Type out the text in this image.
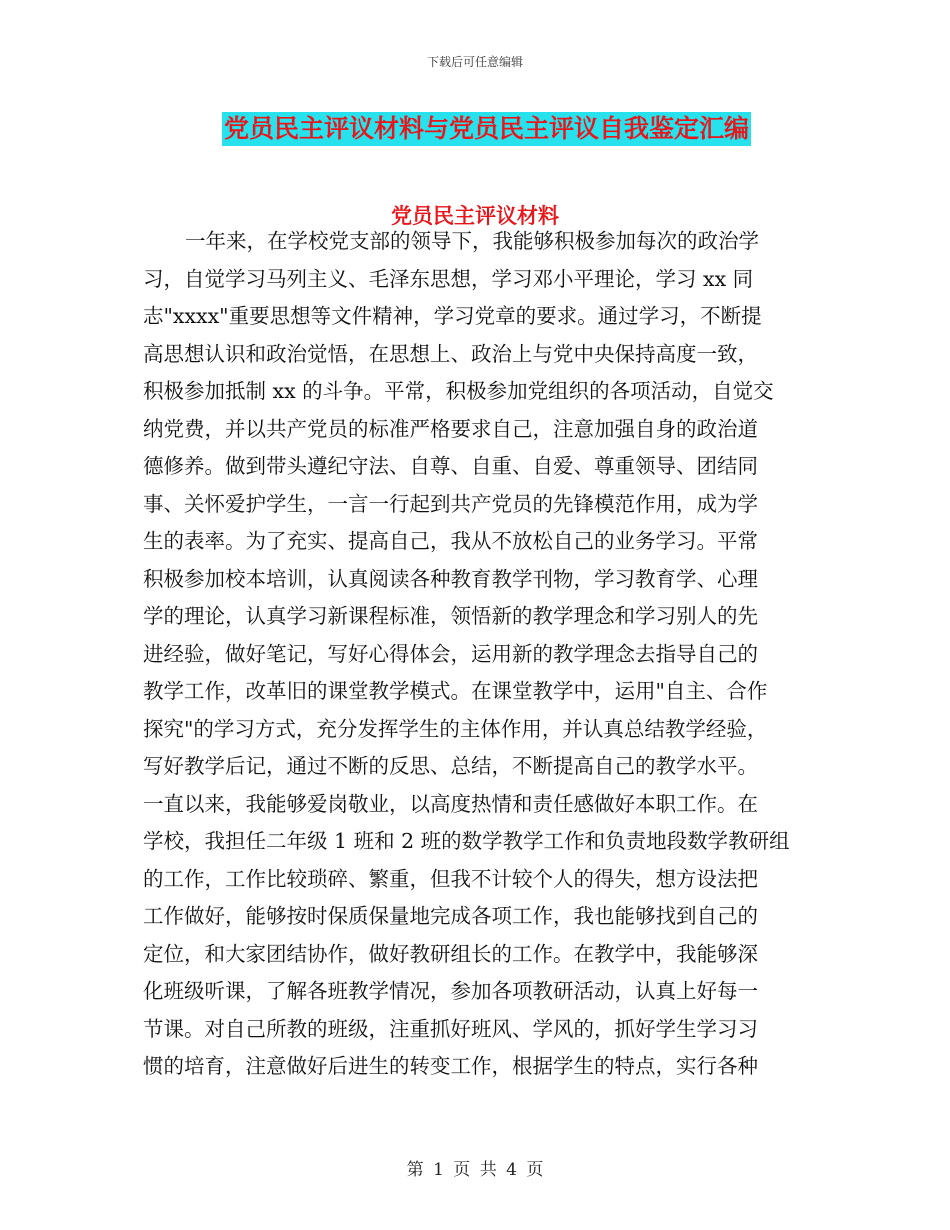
下载后可任意编辑
党员民主评议材料与党员民主评议自我鉴定汇编
党员民主评议材料
一年来，在学校党支部的领导下，我能够积极参加每次的政治学
习，自觉学习马列主义、毛泽东思想，学习邓小平理论，学习 xx 同
志"xxxx"重要思想等文件精神，学习党章的要求。通过学习，不断提
高思想认识和政治觉悟，在思想上、政治上与党中央保持高度一致，
积极参加抵制 xx 的斗争。平常，积极参加党组织的各项活动，自觉交
纳党费，并以共产党员的标准严格要求自己，注意加强自身的政治道
德修养。做到带头遵纪守法、自尊、自重、自爱、尊重领导、团结同
事、关怀爱护学生，一言一行起到共产党员的先锋模范作用，成为学
生的表率。为了充实、提高自己，我从不放松自己的业务学习。平常
积极参加校本培训，认真阅读各种教育教学刊物，学习教育学、心理
学的理论，认真学习新课程标准，领悟新的教学理念和学习别人的先
进经验，做好笔记，写好心得体会，运用新的教学理念去指导自己的
教学工作，改革旧的课堂教学模式。在课堂教学中，运用"自主、合作
探究"的学习方式，充分发挥学生的主体作用，并认真总结教学经验，
写好教学后记，通过不断的反思、总结，不断提高自己的教学水平。
一直以来，我能够爱岗敬业，以高度热情和责任感做好本职工作。在
学校，我担任二年级 1 班和 2 班的数学教学工作和负责地段数学教研组
的工作，工作比较琐碎、繁重，但我不计较个人的得失，想方设法把
工作做好，能够按时保质保量地完成各项工作，我也能够找到自己的
定位，和大家团结协作，做好教研组长的工作。在教学中，我能够深
化班级听课，了解各班教学情况，参加各项教研活动，认真上好每一
节课。对自己所教的班级，注重抓好班风、学风的，抓好学生学习习
惯的培育，注意做好后进生的转变工作，根据学生的特点，实行各种
第 1 页 共 4 页
